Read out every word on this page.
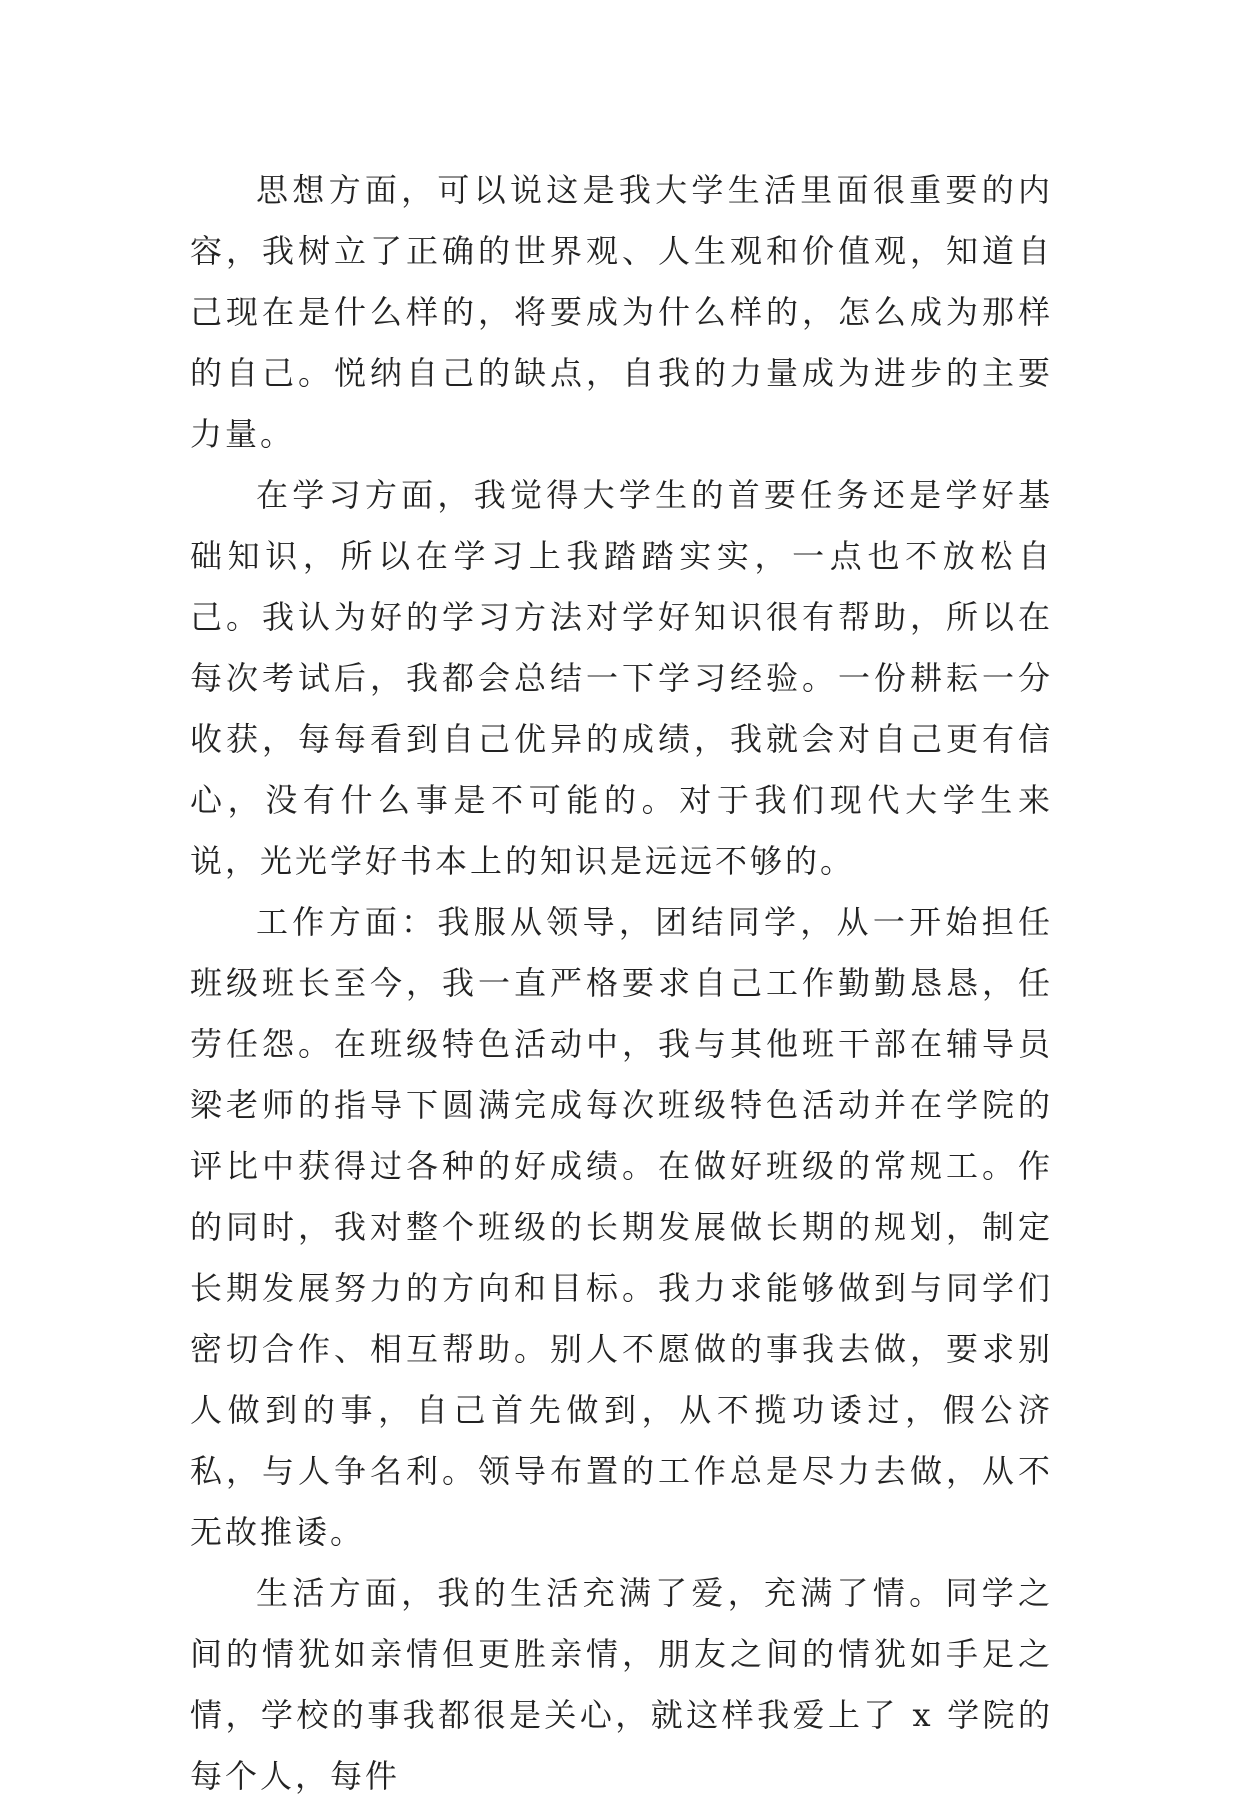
思想方面，可以说这是我大学生活里面很重要的内容，我树立了正确的世界观、人生观和价值观，知道自己现在是什么样的，将要成为什么样的，怎么成为那样的自己。悦纳自己的缺点，自我的力量成为进步的主要力量。

在学习方面，我觉得大学生的首要任务还是学好基础知识，所以在学习上我踏踏实实，一点也不放松自己。我认为好的学习方法对学好知识很有帮助，所以在每次考试后，我都会总结一下学习经验。一份耕耘一分收获，每每看到自己优异的成绩，我就会对自己更有信心，没有什么事是不可能的。对于我们现代大学生来说，光光学好书本上的知识是远远不够的。

工作方面：我服从领导，团结同学，从一开始担任班级班长至今，我一直严格要求自己工作勤勤恳恳，任劳任怨。在班级特色活动中，我与其他班干部在辅导员梁老师的指导下圆满完成每次班级特色活动并在学院的评比中获得过各种的好成绩。在做好班级的常规工。作的同时，我对整个班级的长期发展做长期的规划，制定长期发展努力的方向和目标。我力求能够做到与同学们密切合作、相互帮助。别人不愿做的事我去做，要求别人做到的事，自己首先做到，从不揽功诿过，假公济私，与人争名利。领导布置的工作总是尽力去做，从不无故推诿。

生活方面，我的生活充满了爱，充满了情。同学之间的情犹如亲情但更胜亲情，朋友之间的情犹如手足之情，学校的事我都很是关心，就这样我爱上了 x 学院的每个人，每件
